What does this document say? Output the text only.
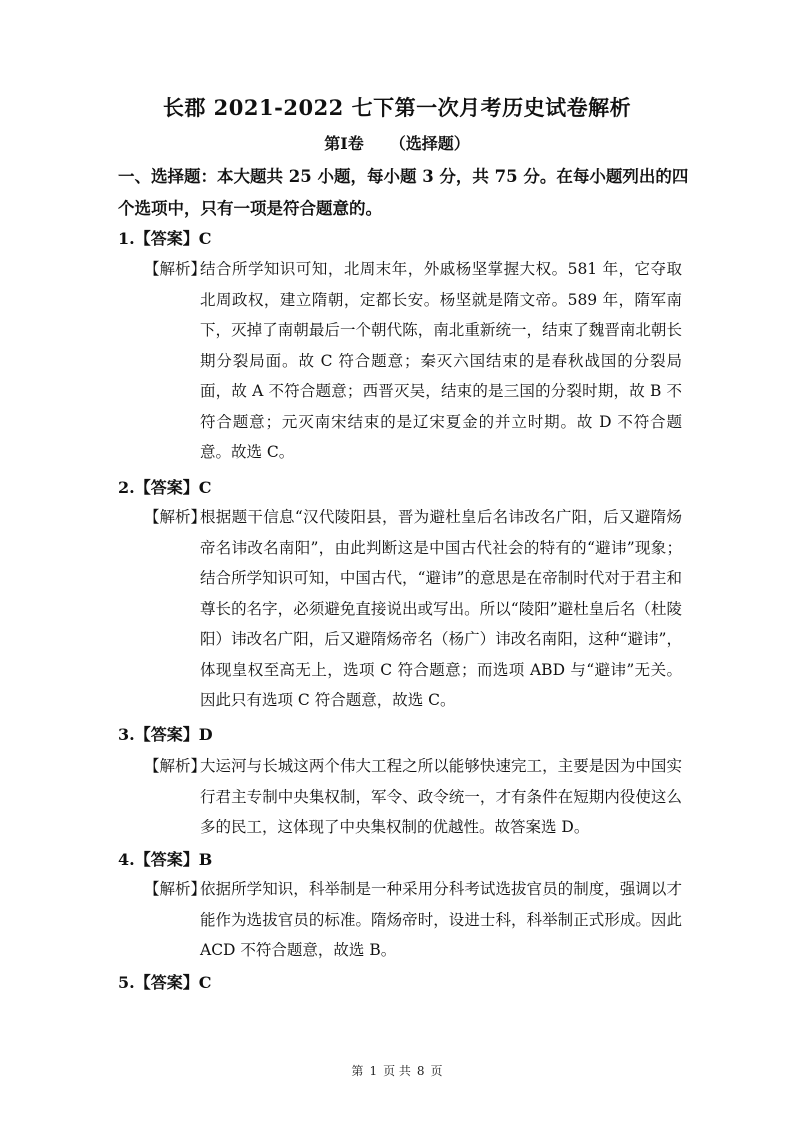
长郡 2021-2022 七下第一次月考历史试卷解析
第Ⅰ卷 （选择题）
一、选择题：本大题共 25 小题，每小题 3 分，共 75 分。在每小题列出的四个选项中，只有一项是符合题意的。
1.【答案】C
【解析】
结合所学知识可知，北周末年，外戚杨坚掌握大权。581 年，它夺取北周政权，建立隋朝，定都长安。杨坚就是隋文帝。589 年，隋军南下，灭掉了南朝最后一个朝代陈，南北重新统一，结束了魏晋南北朝长期分裂局面。故 C 符合题意；秦灭六国结束的是春秋战国的分裂局面，故 A 不符合题意；西晋灭吴，结束的是三国的分裂时期，故 B 不符合题意；元灭南宋结束的是辽宋夏金的并立时期。故 D 不符合题意。故选 C。
2.【答案】C
【解析】
根据题干信息“汉代陵阳县，晋为避杜皇后名讳改名广阳，后又避隋炀帝名讳改名南阳”，由此判断这是中国古代社会的特有的“避讳”现象；结合所学知识可知，中国古代，“避讳”的意思是在帝制时代对于君主和尊长的名字，必须避免直接说出或写出。所以“陵阳”避杜皇后名（杜陵阳）讳改名广阳，后又避隋炀帝名（杨广）讳改名南阳，这种“避讳”，体现皇权至高无上，选项 C 符合题意；而选项 ABD 与“避讳”无关。因此只有选项 C 符合题意，故选 C。
3.【答案】D
【解析】
大运河与长城这两个伟大工程之所以能够快速完工，主要是因为中国实行君主专制中央集权制，军令、政令统一，才有条件在短期内役使这么多的民工，这体现了中央集权制的优越性。故答案选 D。
4.【答案】B
【解析】
依据所学知识，科举制是一种采用分科考试选拔官员的制度，强调以才能作为选拔官员的标准。隋炀帝时，设进士科，科举制正式形成。因此 ACD 不符合题意，故选 B。
5.【答案】C
第 1 页 共 8 页
